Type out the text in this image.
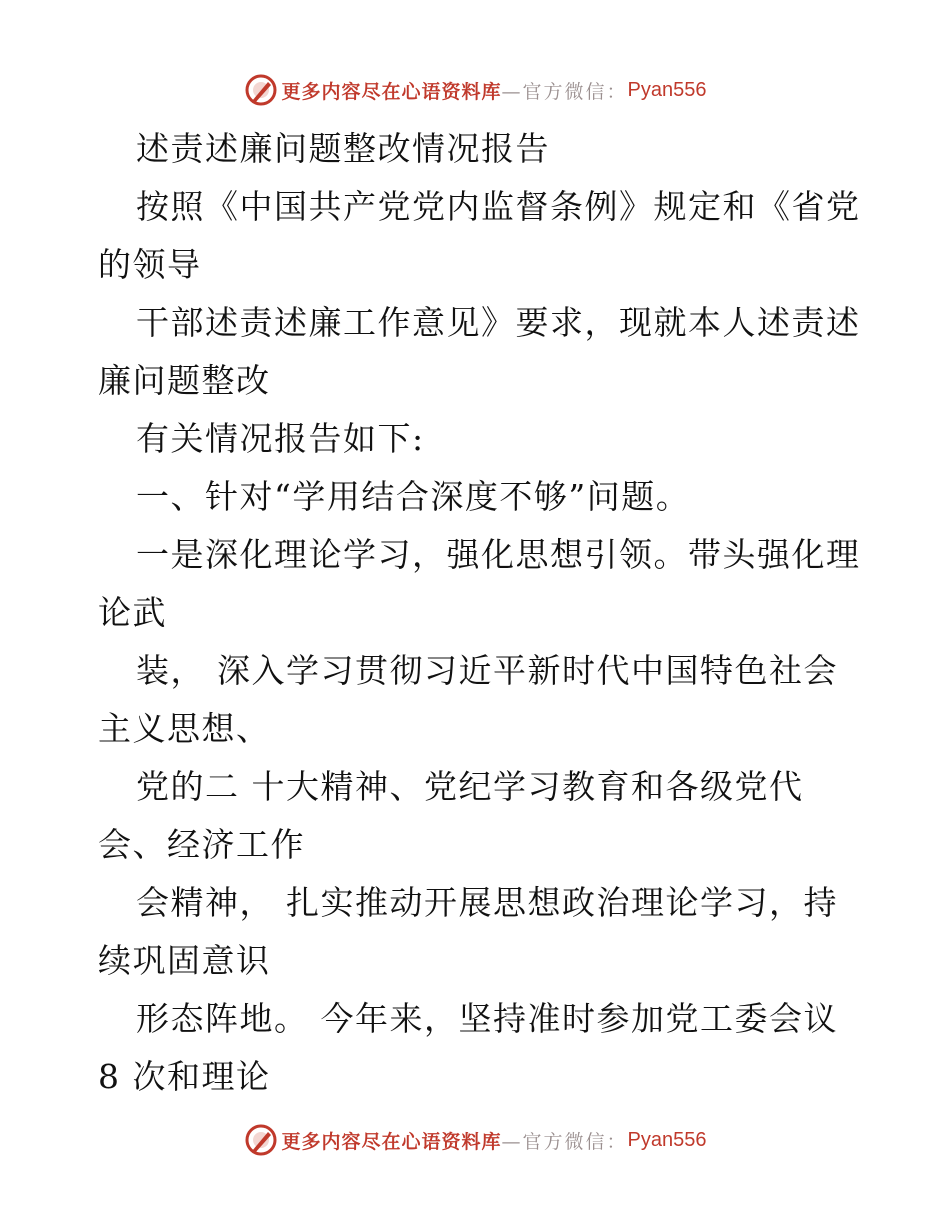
更多内容尽在心语资料库 —官方微信： Pyan556
述责述廉问题整改情况报告
按照《中国共产党党内监督条例》规定和《省党
的领导
干部述责述廉工作意见》要求，现就本人述责述
廉问题整改
有关情况报告如下:
一、针对“学用结合深度不够”问题。
一是深化理论学习，强化思想引领。带头强化理
论武
装， 深入学习贯彻习近平新时代中国特色社会
主义思想、
党的二 十大精神、党纪学习教育和各级党代
会、经济工作
会精神， 扎实推动开展思想政治理论学习，持
续巩固意识
形态阵地。 今年来，坚持准时参加党工委会议
8 次和理论
更多内容尽在心语资料库 —官方微信： Pyan556
